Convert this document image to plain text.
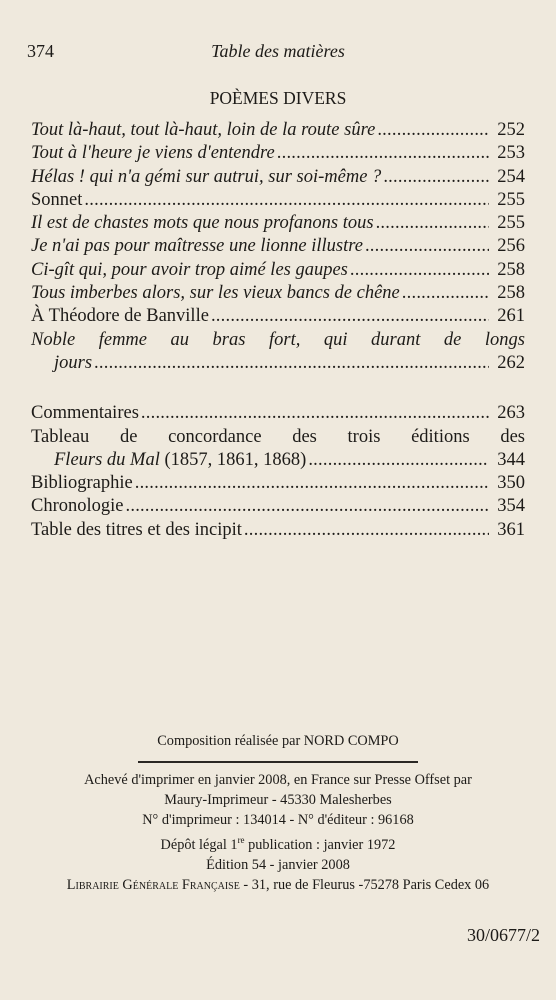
374	Table des matières
POÈMES DIVERS
Tout là-haut, tout là-haut, loin de la route sûre . . .	252
Tout à l'heure je viens d'entendre . . .	253
Hélas ! qui n'a gémi sur autrui, sur soi-même ? . . .	254
Sonnet . . .	255
Il est de chastes mots que nous profanons tous . . .	255
Je n'ai pas pour maîtresse une lionne illustre . . .	256
Ci-gît qui, pour avoir trop aimé les gaupes . . .	258
Tous imberbes alors, sur les vieux bancs de chêne . . .	258
À Théodore de Banville . . .	261
Noble femme au bras fort, qui durant de longs
jours . . .	262
Commentaires . . .	263
Tableau de concordance des trois éditions des
Fleurs du Mal (1857, 1861, 1868) . . .	344
Bibliographie . . .	350
Chronologie . . .	354
Table des titres et des incipit . . .	361
Composition réalisée par NORD COMPO
Achevé d'imprimer en janvier 2008, en France sur Presse Offset par
Maury-Imprimeur - 45330 Malesherbes
N° d'imprimeur : 134014 - N° d'éditeur : 96168
Dépôt légal 1re publication : janvier 1972
Édition 54 - janvier 2008
Librairie Générale Française - 31, rue de Fleurus -75278 Paris Cedex 06
30/0677/2
